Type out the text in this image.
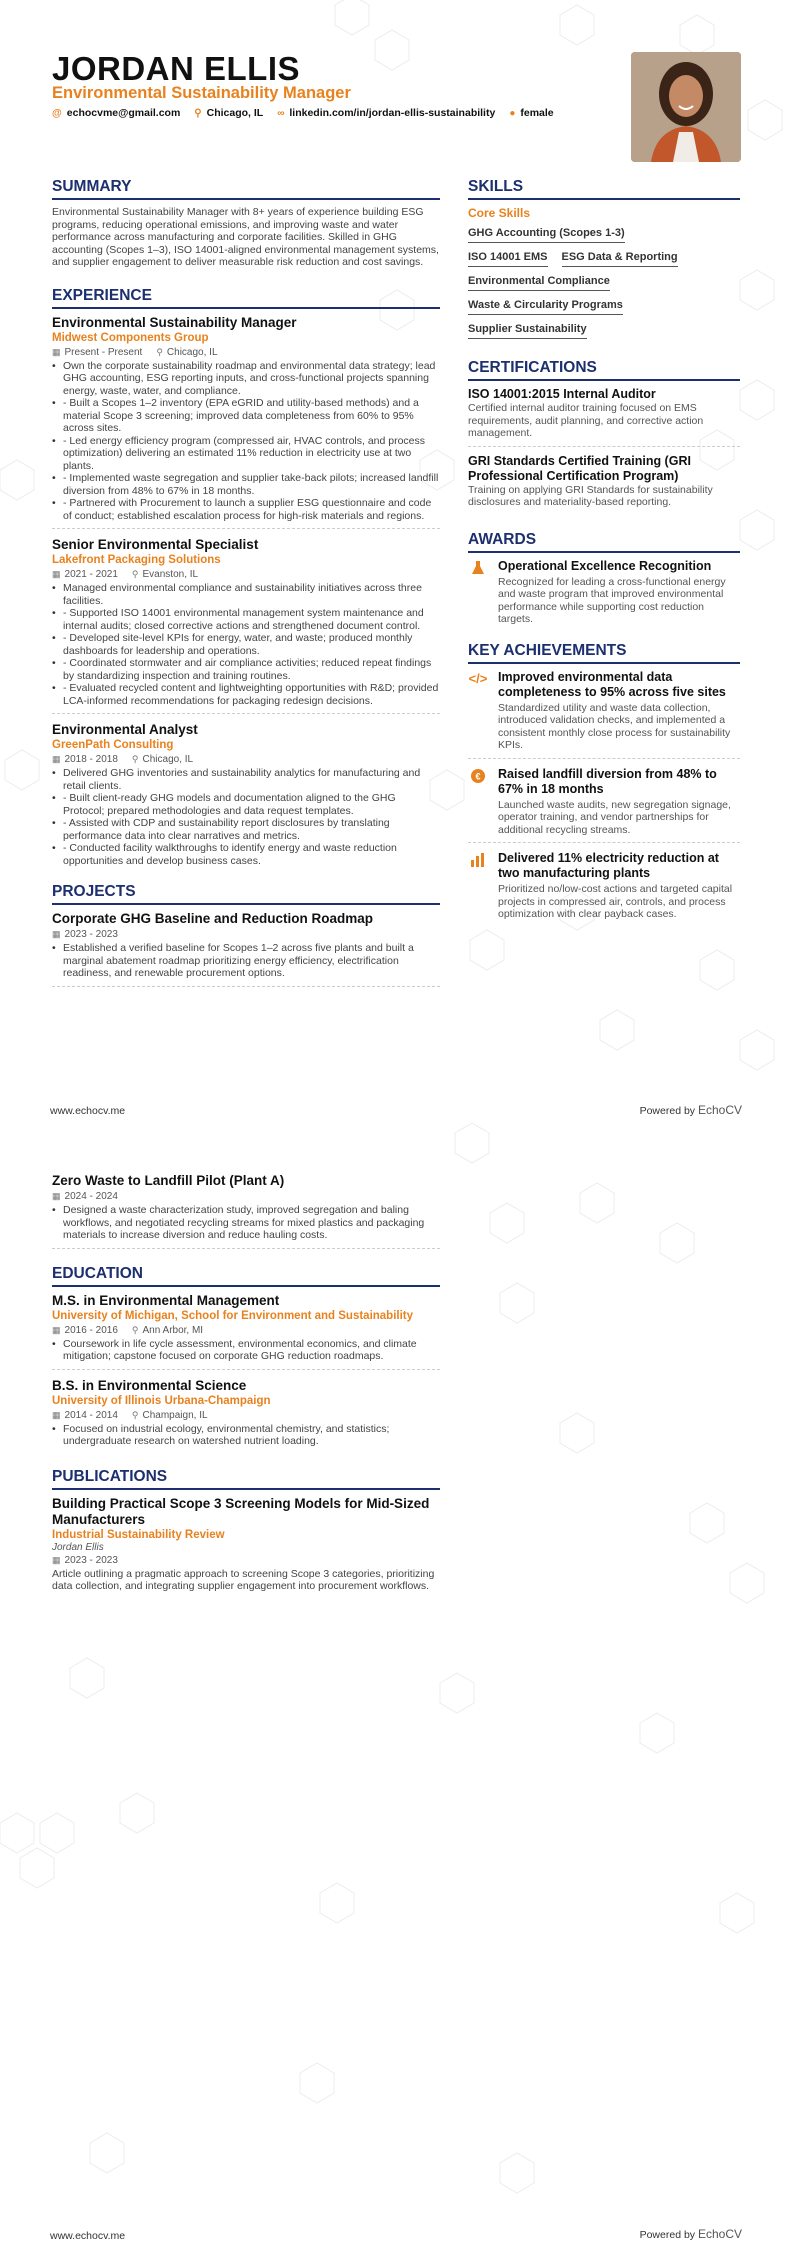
JORDAN ELLIS
Environmental Sustainability Manager
@ echocvme@gmail.com ⚲ Chicago, IL ∞ linkedin.com/in/jordan-ellis-sustainability ● female
SUMMARY
Environmental Sustainability Manager with 8+ years of experience building ESG programs, reducing operational emissions, and improving waste and water performance across manufacturing and corporate facilities. Skilled in GHG accounting (Scopes 1–3), ISO 14001-aligned environmental management systems, and supplier engagement to deliver measurable risk reduction and cost savings.
EXPERIENCE
Environmental Sustainability Manager
Midwest Components Group
▦ Present - Present ⚲ Chicago, IL
• Own the corporate sustainability roadmap and environmental data strategy; lead GHG accounting, ESG reporting inputs, and cross-functional projects spanning energy, waste, water, and compliance.
• - Built a Scopes 1–2 inventory (EPA eGRID and utility-based methods) and a material Scope 3 screening; improved data completeness from 60% to 95% across sites.
• - Led energy efficiency program (compressed air, HVAC controls, and process optimization) delivering an estimated 11% reduction in electricity use at two plants.
• - Implemented waste segregation and supplier take-back pilots; increased landfill diversion from 48% to 67% in 18 months.
• - Partnered with Procurement to launch a supplier ESG questionnaire and code of conduct; established escalation process for high-risk materials and regions.
Senior Environmental Specialist
Lakefront Packaging Solutions
▦ 2021 - 2021 ⚲ Evanston, IL
• Managed environmental compliance and sustainability initiatives across three facilities.
• - Supported ISO 14001 environmental management system maintenance and internal audits; closed corrective actions and strengthened document control.
• - Developed site-level KPIs for energy, water, and waste; produced monthly dashboards for leadership and operations.
• - Coordinated stormwater and air compliance activities; reduced repeat findings by standardizing inspection and training routines.
• - Evaluated recycled content and lightweighting opportunities with R&D; provided LCA-informed recommendations for packaging redesign decisions.
Environmental Analyst
GreenPath Consulting
▦ 2018 - 2018 ⚲ Chicago, IL
• Delivered GHG inventories and sustainability analytics for manufacturing and retail clients.
• - Built client-ready GHG models and documentation aligned to the GHG Protocol; prepared methodologies and data request templates.
• - Assisted with CDP and sustainability report disclosures by translating performance data into clear narratives and metrics.
• - Conducted facility walkthroughs to identify energy and waste reduction opportunities and develop business cases.
PROJECTS
Corporate GHG Baseline and Reduction Roadmap
▦ 2023 - 2023
• Established a verified baseline for Scopes 1–2 across five plants and built a marginal abatement roadmap prioritizing energy efficiency, electrification readiness, and renewable procurement options.
SKILLS
Core Skills
GHG Accounting (Scopes 1-3)
ISO 14001 EMS ESG Data & Reporting
Environmental Compliance
Waste & Circularity Programs
Supplier Sustainability
CERTIFICATIONS
ISO 14001:2015 Internal Auditor
Certified internal auditor training focused on EMS requirements, audit planning, and corrective action management.
GRI Standards Certified Training (GRI Professional Certification Program)
Training on applying GRI Standards for sustainability disclosures and materiality-based reporting.
AWARDS
Operational Excellence Recognition
Recognized for leading a cross-functional energy and waste program that improved environmental performance while supporting cost reduction targets.
KEY ACHIEVEMENTS
</> Improved environmental data completeness to 95% across five sites
Standardized utility and waste data collection, introduced validation checks, and implemented a consistent monthly close process for sustainability KPIs.
€ Raised landfill diversion from 48% to 67% in 18 months
Launched waste audits, new segregation signage, operator training, and vendor partnerships for additional recycling streams.
Delivered 11% electricity reduction at two manufacturing plants
Prioritized no/low-cost actions and targeted capital projects in compressed air, controls, and process optimization with clear payback cases.
www.echocv.me	Powered by EchoCV
Zero Waste to Landfill Pilot (Plant A)
▦ 2024 - 2024
• Designed a waste characterization study, improved segregation and baling workflows, and negotiated recycling streams for mixed plastics and packaging materials to increase diversion and reduce hauling costs.
EDUCATION
M.S. in Environmental Management
University of Michigan, School for Environment and Sustainability
▦ 2016 - 2016 ⚲ Ann Arbor, MI
• Coursework in life cycle assessment, environmental economics, and climate mitigation; capstone focused on corporate GHG reduction roadmaps.
B.S. in Environmental Science
University of Illinois Urbana-Champaign
▦ 2014 - 2014 ⚲ Champaign, IL
• Focused on industrial ecology, environmental chemistry, and statistics; undergraduate research on watershed nutrient loading.
PUBLICATIONS
Building Practical Scope 3 Screening Models for Mid-Sized Manufacturers
Industrial Sustainability Review
Jordan Ellis
▦ 2023 - 2023
Article outlining a pragmatic approach to screening Scope 3 categories, prioritizing data collection, and integrating supplier engagement into procurement workflows.
www.echocv.me	Powered by EchoCV
